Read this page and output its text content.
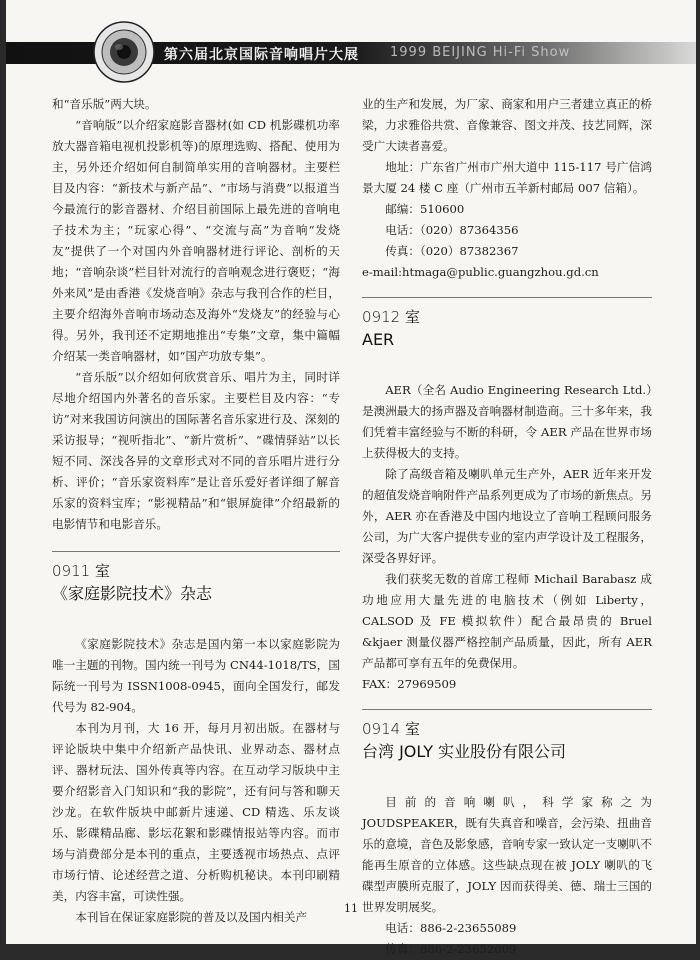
第六届北京国际音响唱片大展 1999 BEIJING Hi-Fi Show

和“音乐版”两大块。

“音响版”以介绍家庭影音器材(如 CD 机影碟机功率放大器音箱电视机投影机等)的原理选购、搭配、使用为主，另外还介绍如何自制简单实用的音响器材。主要栏目及内容：“新技术与新产品”、“市场与消费”以报道当今最流行的影音器材、介绍目前国际上最先进的音响电子技术为主；“玩家心得”、“交流与高”为音响“发烧友”提供了一个对国内外音响器材进行评论、剖析的天地；“音响杂谈”栏目针对流行的音响观念进行褒贬；“海外来风”是由香港《发烧音响》杂志与我刊合作的栏目，主要介绍海外音响市场动态及海外“发烧友”的经验与心得。另外，我刊还不定期地推出“专集”文章，集中篇幅介绍某一类音响器材，如“国产功放专集”。

“音乐版”以介绍如何欣赏音乐、唱片为主，同时详尽地介绍国内外著名的音乐家。主要栏目及内容：“专访”对来我国访问演出的国际著名音乐家进行及、深刻的采访报导；“视听指北”、“新片赏析”、“碟情驿站”以长短不同、深浅各异的文章形式对不同的音乐唱片进行分析、评价；“音乐家资料库”是让音乐爱好者详细了解音乐家的资料宝库；“影视精品”和“银屏旋律”介绍最新的电影情节和电影音乐。

0911 室
《家庭影院技术》杂志

《家庭影院技术》杂志是国内第一本以家庭影院为唯一主题的刊物。国内统一刊号为 CN44-1018/TS，国际统一刊号为 ISSN1008-0945，面向全国发行，邮发代号为 82-904。

本刊为月刊，大 16 开，每月月初出版。在器材与评论版块中集中介绍新产品快讯、业界动态、器材点评、器材玩法、国外传真等内容。在互动学习版块中主要介绍影音入门知识和“我的影院”，还有问与答和聊天沙龙。在软件版块中邮新片速递、CD 精选、乐友谈乐、影碟精品廊、影坛花絮和影碟情报站等内容。而市场与消费部分是本刊的重点，主要透视市场热点、点评市场行情、论述经营之道、分析购机秘诀。本刊印刷精美，内容丰富，可读性强。

本刊旨在保证家庭影院的普及以及国内相关产

业的生产和发展，为厂家、商家和用户三者建立真正的桥梁，力求雅俗共赏、音像兼容、图文并茂、技艺同辉，深受广大读者喜爱。

地址：广东省广州市广州大道中 115-117 号广信鸿景大厦 24 楼 C 座（广州市五羊新村邮局 007 信箱）。

邮编：510600

电话：（020）87364356

传真：（020）87382367

e-mail:htmaga@public.guangzhou.gd.cn

0912 室
AER

AER（全名 Audio Engineering Research Ltd.）是澳洲最大的扬声器及音响器材制造商。三十多年来，我们凭着丰富经验与不断的科研，令 AER 产品在世界市场上获得极大的支持。

除了高级音箱及喇叭单元生产外，AER 近年来开发的超值发烧音响附件产品系列更成为了市场的新焦点。另外，AER 亦在香港及中国内地设立了音响工程顾问服务公司，为广大客户提供专业的室内声学设计及工程服务，深受各界好评。

我们获奖无数的首席工程师 Michail Barabasz 成功地应用大量先进的电脑技术（例如 Liberty，CALSOD 及 FE 模拟软件）配合最昂贵的 Bruel &kjaer 测量仪器严格控制产品质量，因此，所有 AER 产品都可享有五年的免费保用。

FAX：27969509

0914 室
台湾 JOLY 实业股份有限公司

目前的音响喇叭，科学家称之为 JOUDSPEAKER，既有失真音和噪音，会污染、扭曲音乐的意境，音色及影象感，音响专家一致认定一支喇叭不能再生原音的立体感。这些缺点现在被 JOLY 喇叭的飞碟型声膜所克服了，JOLY 因而获得美、德、瑞士三国的世界发明展奖。

电话：886-2-23655089

传真：886-2-23652009

11
